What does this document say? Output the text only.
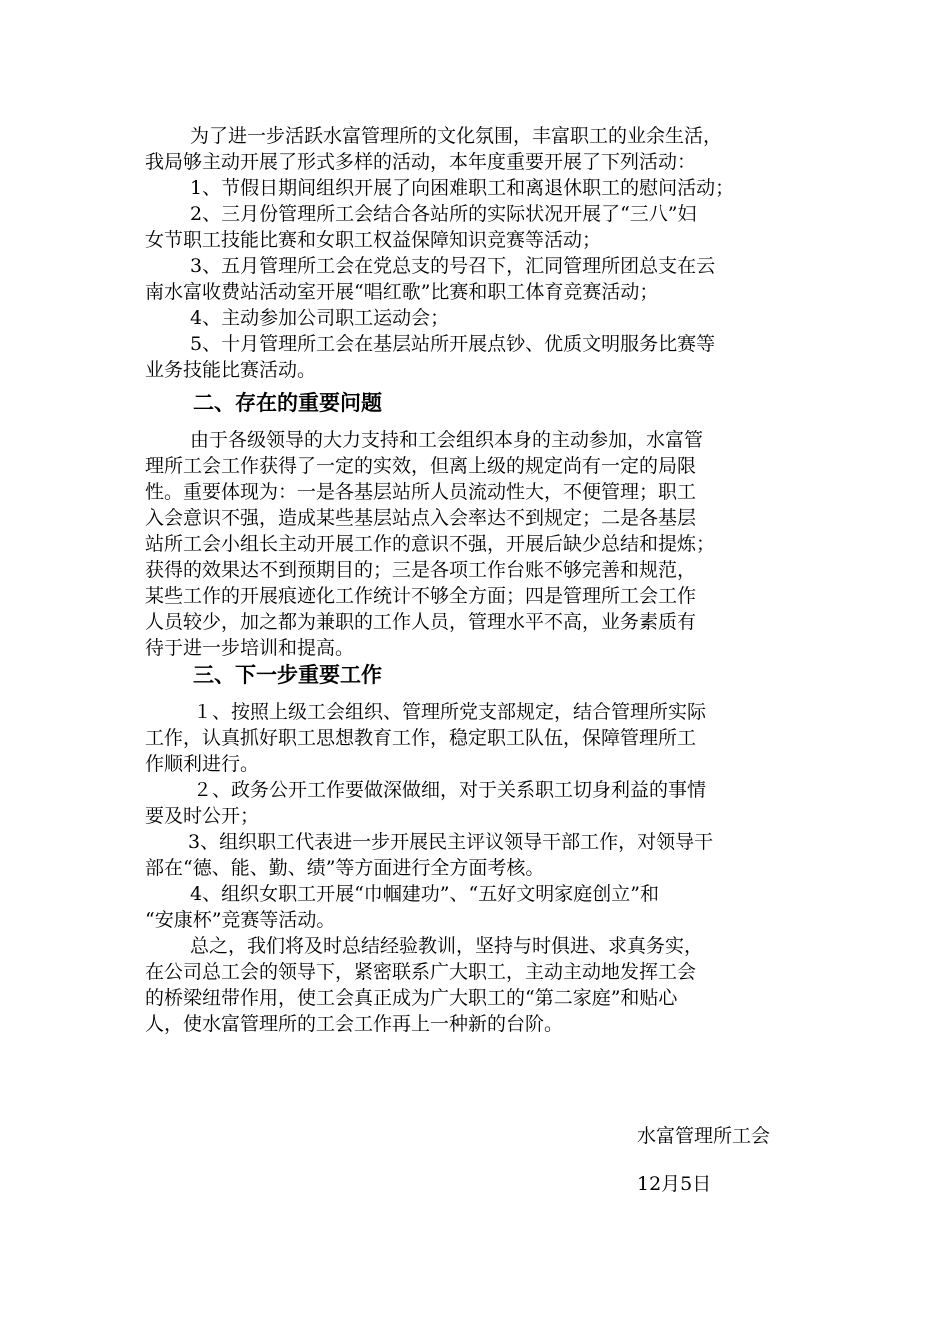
为了进一步活跃水富管理所的文化氛围，丰富职工的业余生活，
我局够主动开展了形式多样的活动，本年度重要开展了下列活动：
1、节假日期间组织开展了向困难职工和离退休职工的慰问活动；
2、三月份管理所工会结合各站所的实际状况开展了“三八”妇
女节职工技能比赛和女职工权益保障知识竞赛等活动；
3、五月管理所工会在党总支的号召下，汇同管理所团总支在云
南水富收费站活动室开展“唱红歌”比赛和职工体育竞赛活动；
4、主动参加公司职工运动会；
5、十月管理所工会在基层站所开展点钞、优质文明服务比赛等
业务技能比赛活动。
二、存在的重要问题
由于各级领导的大力支持和工会组织本身的主动参加，水富管
理所工会工作获得了一定的实效，但离上级的规定尚有一定的局限
性。重要体现为：一是各基层站所人员流动性大，不便管理；职工
入会意识不强，造成某些基层站点入会率达不到规定；二是各基层
站所工会小组长主动开展工作的意识不强，开展后缺少总结和提炼；
获得的效果达不到预期目的；三是各项工作台账不够完善和规范，
某些工作的开展痕迹化工作统计不够全方面；四是管理所工会工作
人员较少，加之都为兼职的工作人员，管理水平不高，业务素质有
待于进一步培训和提高。
三、下一步重要工作
１、按照上级工会组织、管理所党支部规定，结合管理所实际
工作，认真抓好职工思想教育工作，稳定职工队伍，保障管理所工
作顺利进行。
２、政务公开工作要做深做细，对于关系职工切身利益的事情
要及时公开；
3、组织职工代表进一步开展民主评议领导干部工作，对领导干
部在“德、能、勤、绩”等方面进行全方面考核。
4、组织女职工开展“巾帼建功”、“五好文明家庭创立”和
“安康杯”竞赛等活动。
总之，我们将及时总结经验教训，坚持与时俱进、求真务实，
在公司总工会的领导下，紧密联系广大职工，主动主动地发挥工会
的桥梁纽带作用，使工会真正成为广大职工的“第二家庭”和贴心
人，使水富管理所的工会工作再上一种新的台阶。
水富管理所工会
12月5日
